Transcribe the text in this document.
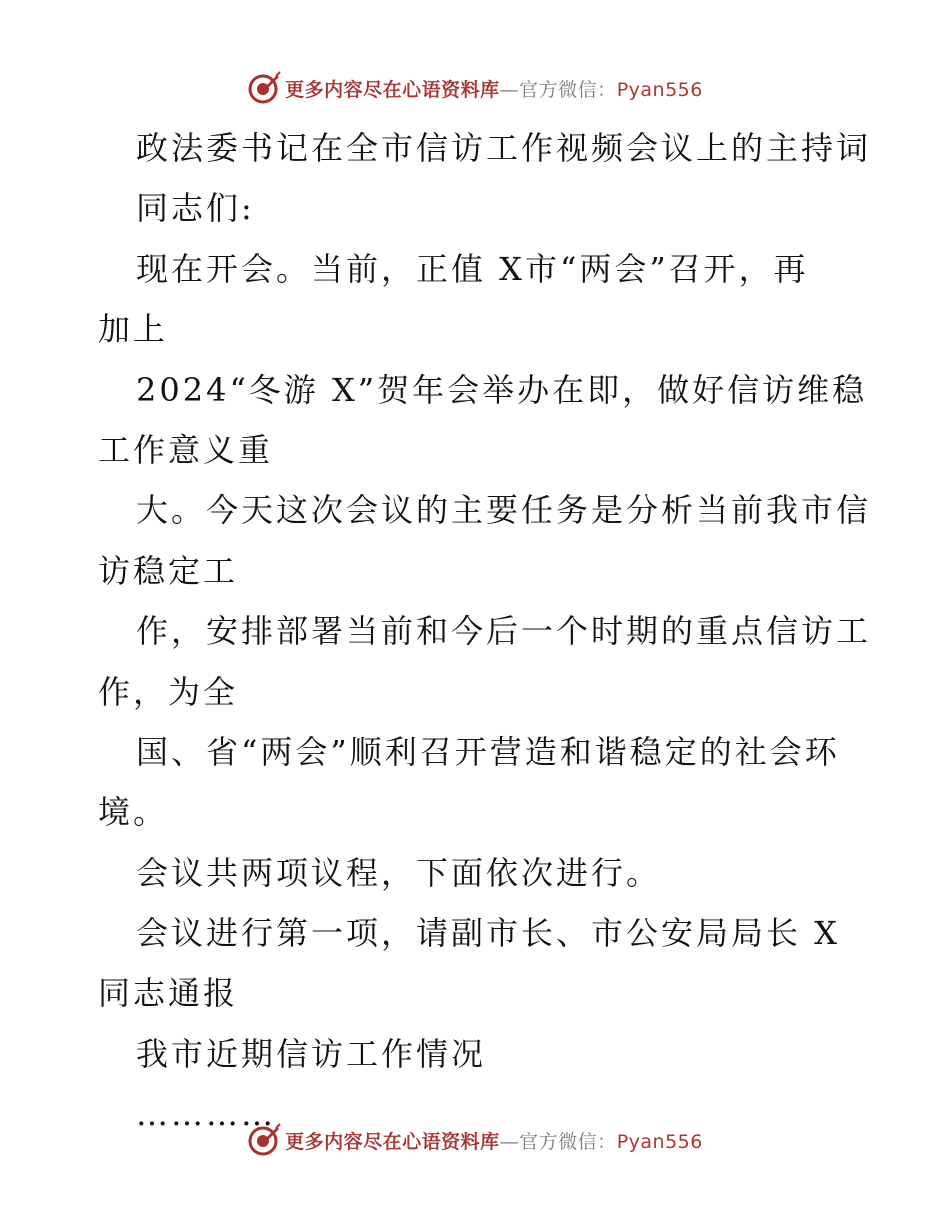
更多内容尽在心语资料库—官方微信：Pyan556
政法委书记在全市信访工作视频会议上的主持词
同志们:
现在开会。当前，正值 X市“两会”召开，再
加上
2024“冬游 X”贺年会举办在即，做好信访维稳
工作意义重
大。今天这次会议的主要任务是分析当前我市信
访稳定工
作，安排部署当前和今后一个时期的重点信访工
作，为全
国、省“两会”顺利召开营造和谐稳定的社会环
境。
会议共两项议程，下面依次进行。
会议进行第一项，请副市长、市公安局局长 X
同志通报
我市近期信访工作情况
…………
更多内容尽在心语资料库—官方微信：Pyan556
